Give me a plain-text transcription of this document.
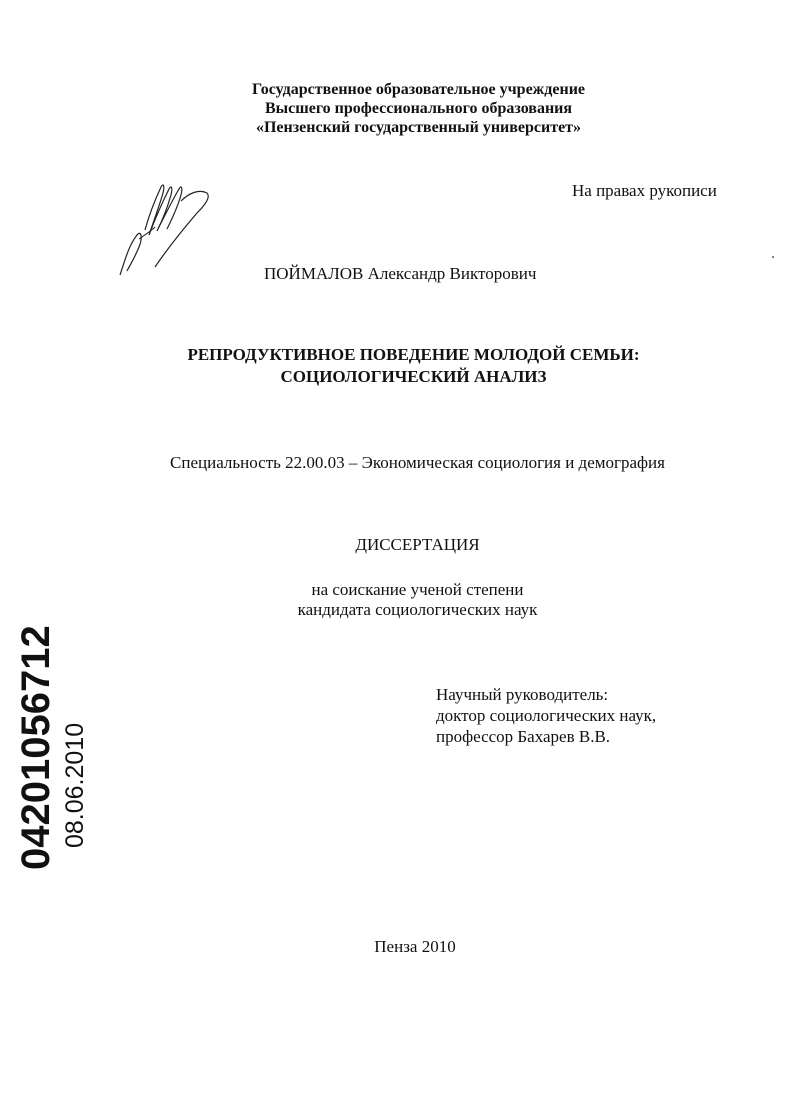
Государственное образовательное учреждение
Высшего профессионального образования
«Пензенский государственный университет»
На правах рукописи
ПОЙМАЛОВ Александр Викторович
РЕПРОДУКТИВНОЕ ПОВЕДЕНИЕ МОЛОДОЙ СЕМЬИ:
СОЦИОЛОГИЧЕСКИЙ АНАЛИЗ
Специальность 22.00.03 – Экономическая социология и демография
ДИССЕРТАЦИЯ
на соискание ученой степени
кандидата социологических наук
Научный руководитель:
доктор социологических наук,
профессор Бахарев В.В.
04201056712 08.06.2010
Пенза 2010
